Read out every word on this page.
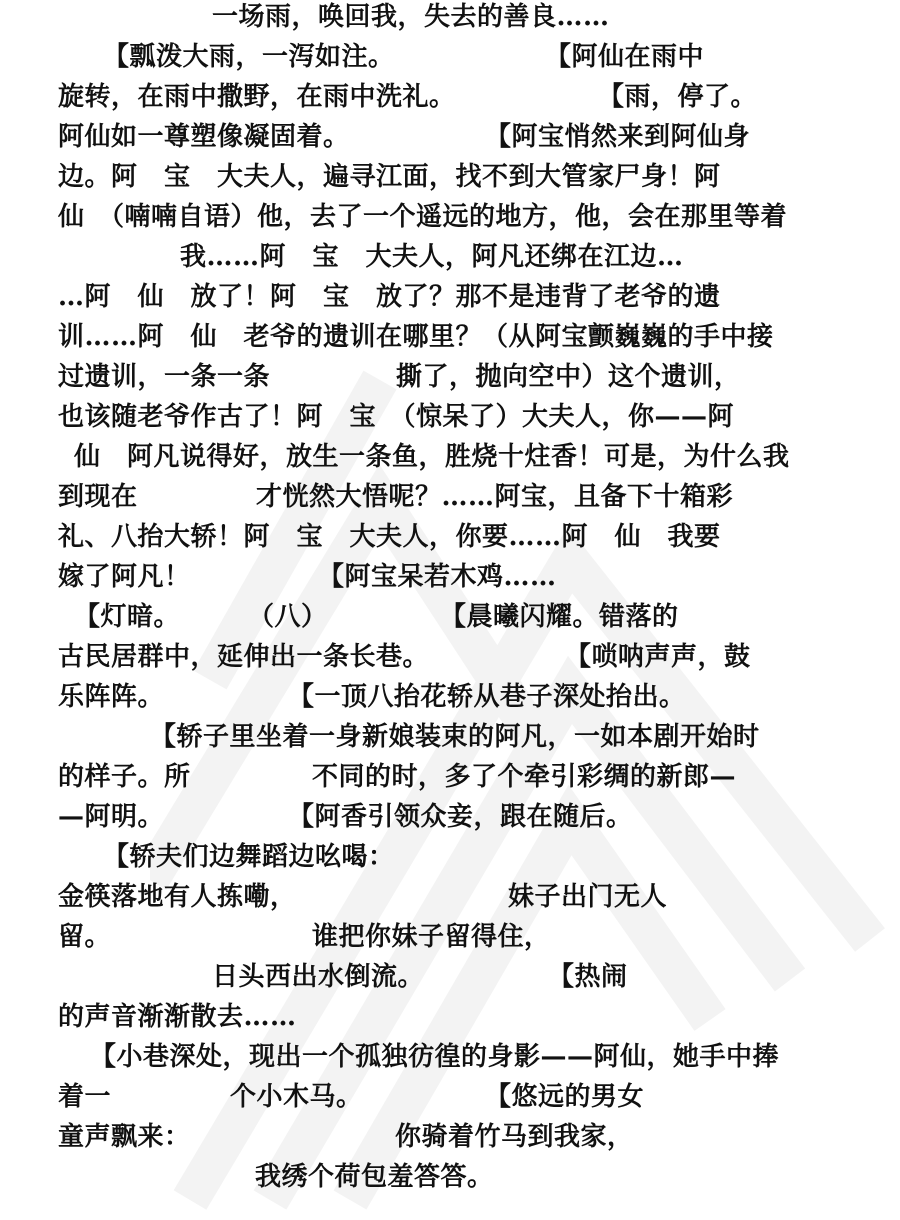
一场雨，唤回我，失去的善良……
【瓢泼大雨，一泻如注。	【阿仙在雨中
旋转，在雨中撒野，在雨中洗礼。	【雨，停了。
阿仙如一尊塑像凝固着。	【阿宝悄然来到阿仙身
边。阿　宝　大夫人，遍寻江面，找不到大管家尸身！阿
仙　（喃喃自语）他，去了一个遥远的地方，他，会在那里等着
我……阿　宝　大夫人，阿凡还绑在江边…
…阿　仙　放了！阿　宝　放了？那不是违背了老爷的遗
训……阿　仙　老爷的遗训在哪里？（从阿宝颤巍巍的手中接
过遗训，一条一条	撕了，抛向空中）这个遗训，
也该随老爷作古了！阿　宝　（惊呆了）大夫人，你——阿
仙　阿凡说得好，放生一条鱼，胜烧十炷香！可是，为什么我
到现在	才恍然大悟呢？……阿宝，且备下十箱彩
礼、八抬大轿！阿　宝　大夫人，你要……阿　仙　我要
嫁了阿凡！	【阿宝呆若木鸡……
【灯暗。	（八）	【晨曦闪耀。错落的
古民居群中，延伸出一条长巷。	【唢呐声声，鼓
乐阵阵。	【一顶八抬花轿从巷子深处抬出。
【轿子里坐着一身新娘装束的阿凡，一如本剧开始时
的样子。所	不同的时，多了个牵引彩绸的新郎—
—阿明。	【阿香引领众妾，跟在随后。
【轿夫们边舞蹈边吆喝：
金筷落地有人拣嘞，	妹子出门无人
留。	谁把你妹子留得住，
日头西出水倒流。	【热闹
的声音渐渐散去……
【小巷深处，现出一个孤独彷徨的身影——阿仙，她手中捧
着一	个小木马。	【悠远的男女
童声飘来：	你骑着竹马到我家，
我绣个荷包羞答答。
